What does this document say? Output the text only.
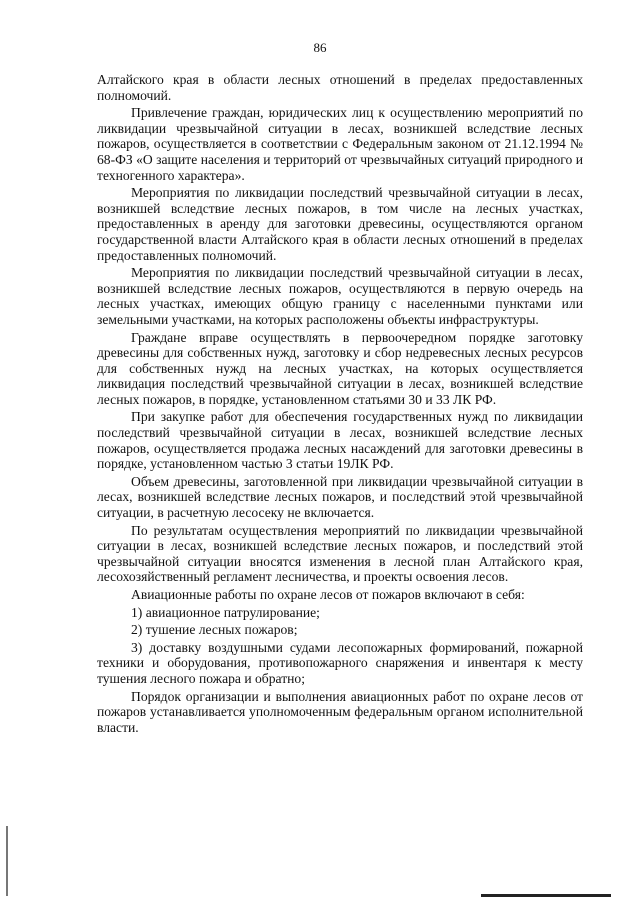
86

Алтайского края в области лесных отношений в пределах предоставленных полномочий.

Привлечение граждан, юридических лиц к осуществлению мероприятий по ликвидации чрезвычайной ситуации в лесах, возникшей вследствие лесных пожаров, осуществляется в соответствии с Федеральным законом от 21.12.1994 № 68-ФЗ «О защите населения и территорий от чрезвычайных ситуаций природного и техногенного характера».

Мероприятия по ликвидации последствий чрезвычайной ситуации в лесах, возникшей вследствие лесных пожаров, в том числе на лесных участках, предоставленных в аренду для заготовки древесины, осуществляются органом государственной власти Алтайского края в области лесных отношений в пределах предоставленных полномочий.

Мероприятия по ликвидации последствий чрезвычайной ситуации в лесах, возникшей вследствие лесных пожаров, осуществляются в первую очередь на лесных участках, имеющих общую границу с населенными пунктами или земельными участками, на которых расположены объекты инфраструктуры.

Граждане вправе осуществлять в первоочередном порядке заготовку древесины для собственных нужд, заготовку и сбор недревесных лесных ресурсов для собственных нужд на лесных участках, на которых осуществляется ликвидация последствий чрезвычайной ситуации в лесах, возникшей вследствие лесных пожаров, в порядке, установленном статьями 30 и 33 ЛК РФ.

При закупке работ для обеспечения государственных нужд по ликвидации последствий чрезвычайной ситуации в лесах, возникшей вследствие лесных пожаров, осуществляется продажа лесных насаждений для заготовки древесины в порядке, установленном частью 3 статьи 19ЛК РФ.

Объем древесины, заготовленной при ликвидации чрезвычайной ситуации в лесах, возникшей вследствие лесных пожаров, и последствий этой чрезвычайной ситуации, в расчетную лесосеку не включается.

По результатам осуществления мероприятий по ликвидации чрезвычайной ситуации в лесах, возникшей вследствие лесных пожаров, и последствий этой чрезвычайной ситуации вносятся изменения в лесной план Алтайского края, лесохозяйственный регламент лесничества, и проекты освоения лесов.

Авиационные работы по охране лесов от пожаров включают в себя:

1) авиационное патрулирование;

2) тушение лесных пожаров;

3) доставку воздушными судами лесопожарных формирований, пожарной техники и оборудования, противопожарного снаряжения и инвентаря к месту тушения лесного пожара и обратно;

Порядок организации и выполнения авиационных работ по охране лесов от пожаров устанавливается уполномоченным федеральным органом исполнительной власти.
